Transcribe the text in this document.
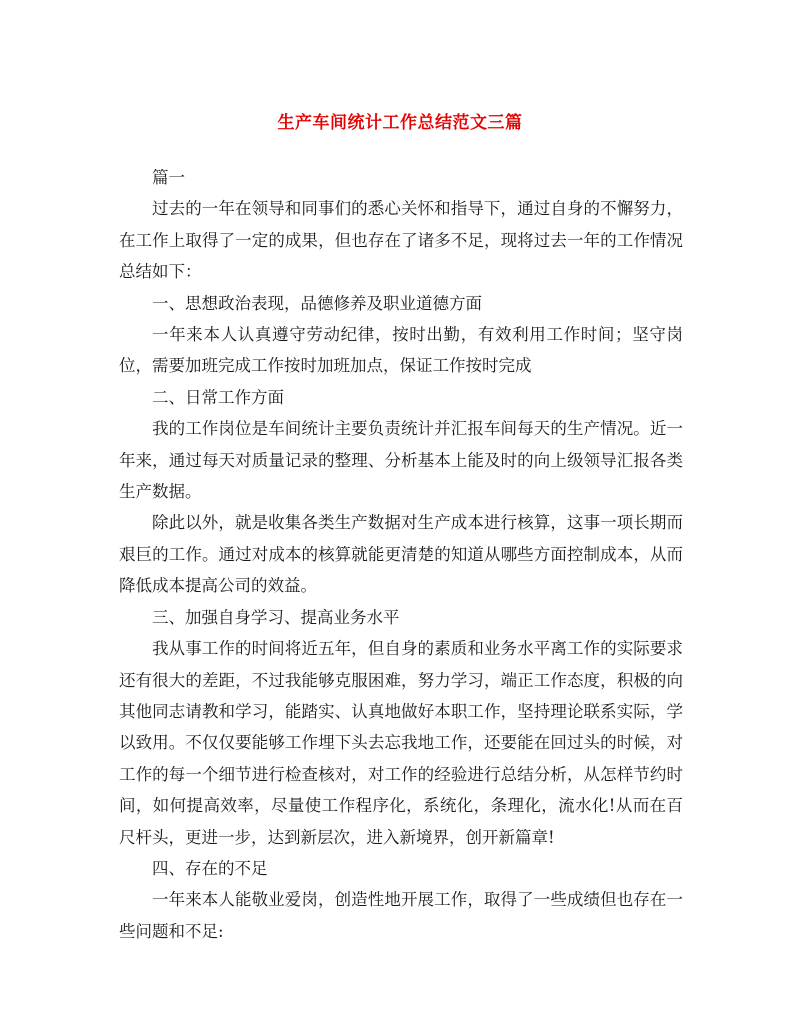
生产车间统计工作总结范文三篇

篇一

过去的一年在领导和同事们的悉心关怀和指导下，通过自身的不懈努力，在工作上取得了一定的成果，但也存在了诸多不足，现将过去一年的工作情况总结如下：

一、思想政治表现，品德修养及职业道德方面

一年来本人认真遵守劳动纪律，按时出勤，有效利用工作时间；坚守岗位，需要加班完成工作按时加班加点，保证工作按时完成

二、日常工作方面

我的工作岗位是车间统计主要负责统计并汇报车间每天的生产情况。近一年来，通过每天对质量记录的整理、分析基本上能及时的向上级领导汇报各类生产数据。

除此以外，就是收集各类生产数据对生产成本进行核算，这事一项长期而艰巨的工作。通过对成本的核算就能更清楚的知道从哪些方面控制成本，从而降低成本提高公司的效益。

三、加强自身学习、提高业务水平

我从事工作的时间将近五年，但自身的素质和业务水平离工作的实际要求还有很大的差距，不过我能够克服困难，努力学习，端正工作态度，积极的向其他同志请教和学习，能踏实、认真地做好本职工作，坚持理论联系实际，学以致用。不仅仅要能够工作埋下头去忘我地工作，还要能在回过头的时候，对工作的每一个细节进行检查核对，对工作的经验进行总结分析，从怎样节约时间，如何提高效率，尽量使工作程序化，系统化，条理化，流水化!从而在百尺杆头，更进一步，达到新层次，进入新境界，创开新篇章!

四、存在的不足

一年来本人能敬业爱岗，创造性地开展工作，取得了一些成绩但也存在一些问题和不足:
